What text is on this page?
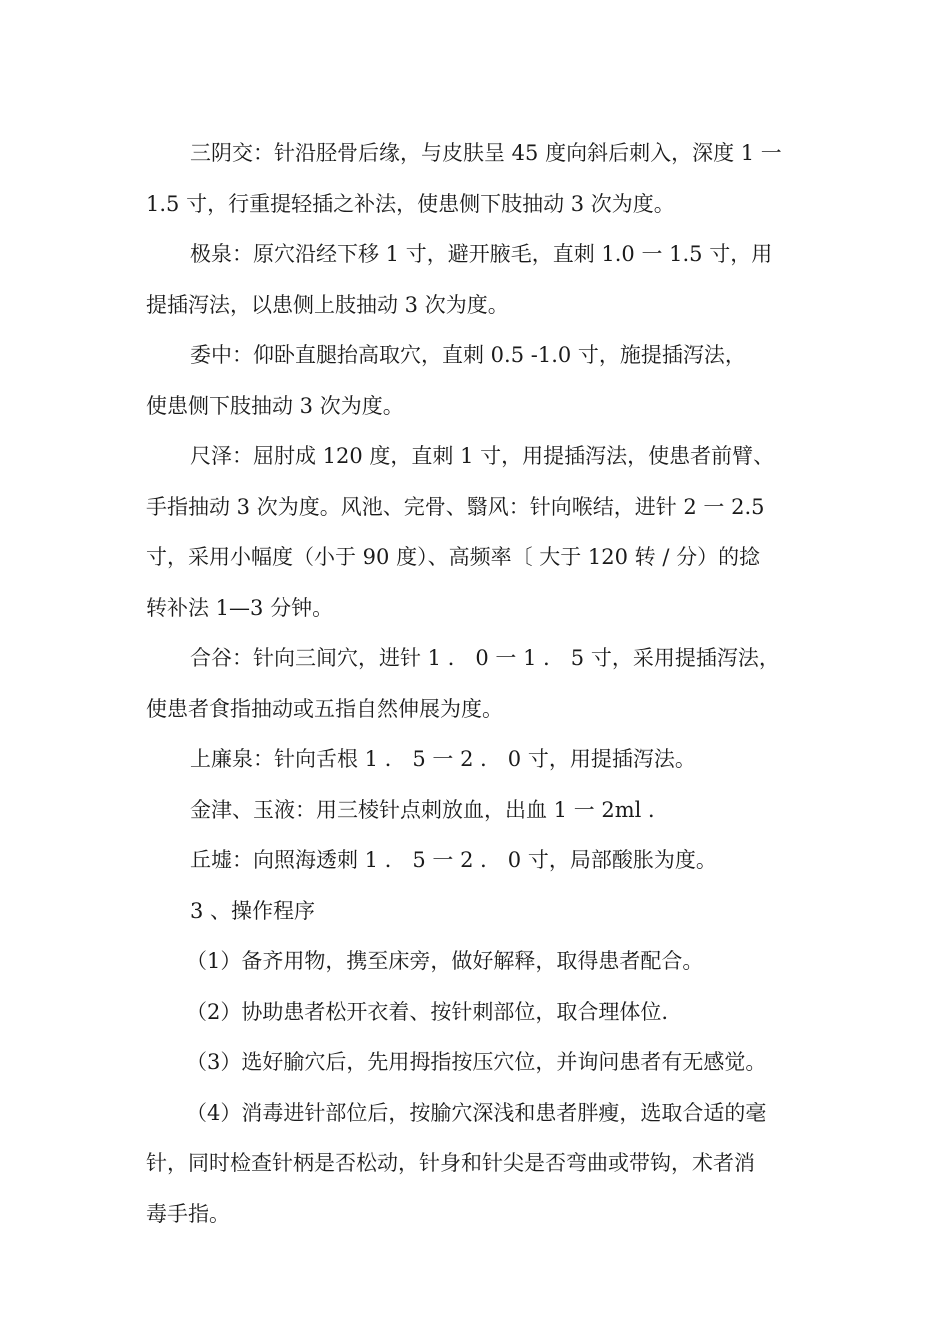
三阴交：针沿胫骨后缘，与皮肤呈 45 度向斜后刺入，深度 1 一
1.5 寸，行重提轻插之补法，使患侧下肢抽动 3 次为度。

极泉：原穴沿经下移 1 寸，避开腋毛，直刺 1.0 一 1.5 寸，用
提插泻法，以患侧上肢抽动 3 次为度。

委中：仰卧直腿抬高取穴，直刺 0.5 -1.0 寸，施提插泻法，
使患侧下肢抽动 3 次为度。

尺泽：屈肘成 120 度，直刺 1 寸，用提插泻法，使患者前臂、
手指抽动 3 次为度。风池、完骨、翳风：针向喉结，进针 2 一 2.5
寸，采用小幅度（小于 90 度）、高频率〔 大于 120 转 / 分）的捻
转补法 1—3 分钟。

合谷：针向三间穴，进针 1 ． 0 一 1 ． 5 寸，采用提插泻法，
使患者食指抽动或五指自然伸展为度。

上廉泉：针向舌根 1 ． 5 一 2 ． 0 寸，用提插泻法。

金津、玉液：用三棱针点刺放血，出血 1 一 2ml ．

丘墟：向照海透刺 1 ． 5 一 2 ． 0 寸，局部酸胀为度。

3 、操作程序

（1）备齐用物，携至床旁，做好解释，取得患者配合。

（2）协助患者松开衣着、按针刺部位，取合理体位.

（3）选好腧穴后，先用拇指按压穴位，并询问患者有无感觉。

（4）消毒进针部位后，按腧穴深浅和患者胖瘦，选取合适的毫
针，同时检查针柄是否松动，针身和针尖是否弯曲或带钩，术者消
毒手指。
